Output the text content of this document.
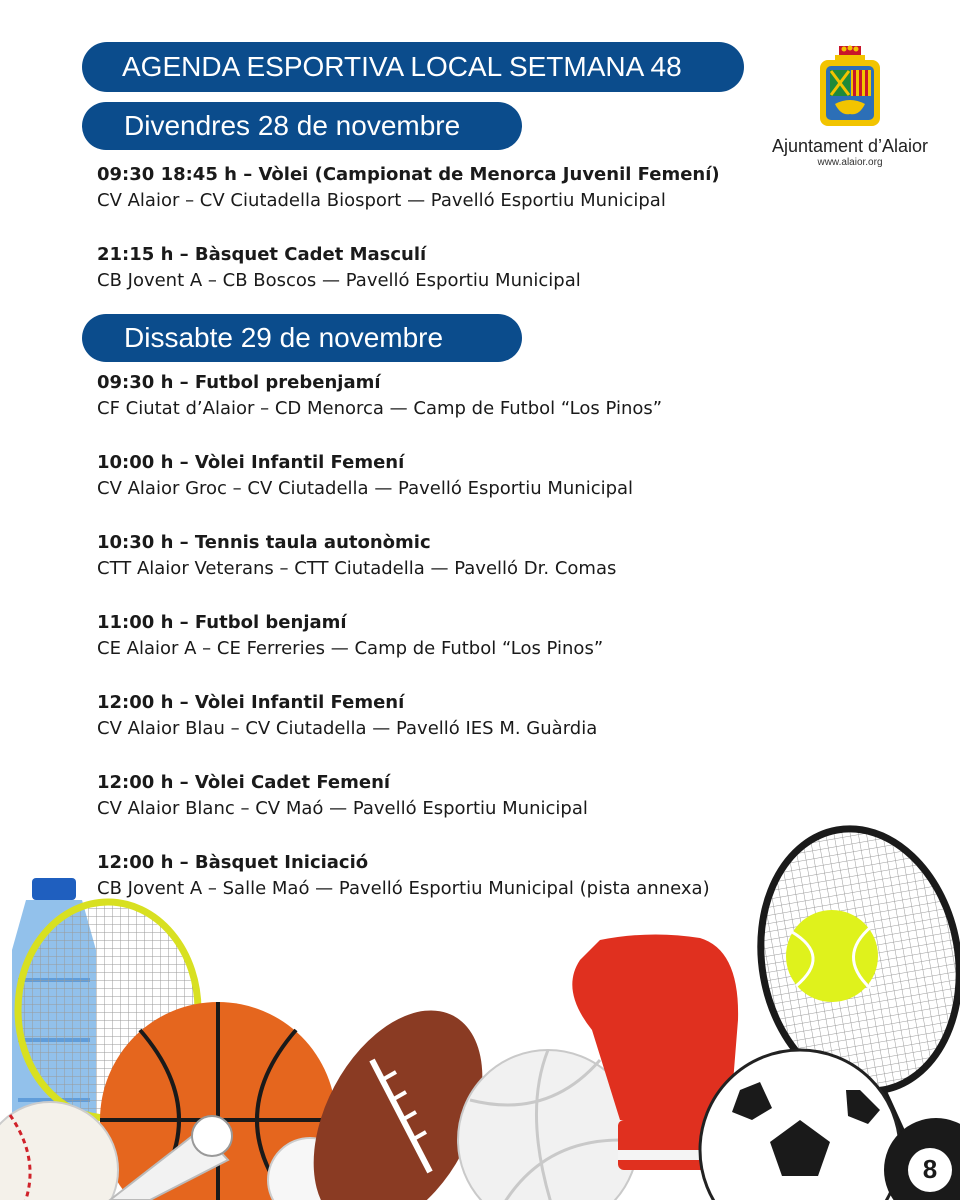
AGENDA ESPORTIVA LOCAL SETMANA 48
Divendres 28 de novembre
09:30 18:45 h – Vòlei (Campionat de Menorca Juvenil Femení)
CV Alaior – CV Ciutadella Biosport — Pavelló Esportiu Municipal
21:15 h – Bàsquet Cadet Masculí
CB Jovent A – CB Boscos — Pavelló Esportiu Municipal
Dissabte 29 de novembre
09:30 h – Futbol prebenjamí
CF Ciutat d’Alaior – CD Menorca — Camp de Futbol “Los Pinos”
10:00 h – Vòlei Infantil Femení
CV Alaior Groc – CV Ciutadella — Pavelló Esportiu Municipal
10:30 h – Tennis taula autonòmic
CTT Alaior Veterans – CTT Ciutadella — Pavelló Dr. Comas
11:00 h – Futbol benjamí
CE Alaior A – CE Ferreries — Camp de Futbol “Los Pinos”
12:00 h – Vòlei Infantil Femení
CV Alaior Blau – CV Ciutadella — Pavelló IES M. Guàrdia
12:00 h – Vòlei Cadet Femení
CV Alaior Blanc – CV Maó — Pavelló Esportiu Municipal
12:00 h – Bàsquet Iniciació
CB Jovent A – Salle Maó — Pavelló Esportiu Municipal (pista annexa)
Ajuntament d’Alaior
www.alaior.org
8
